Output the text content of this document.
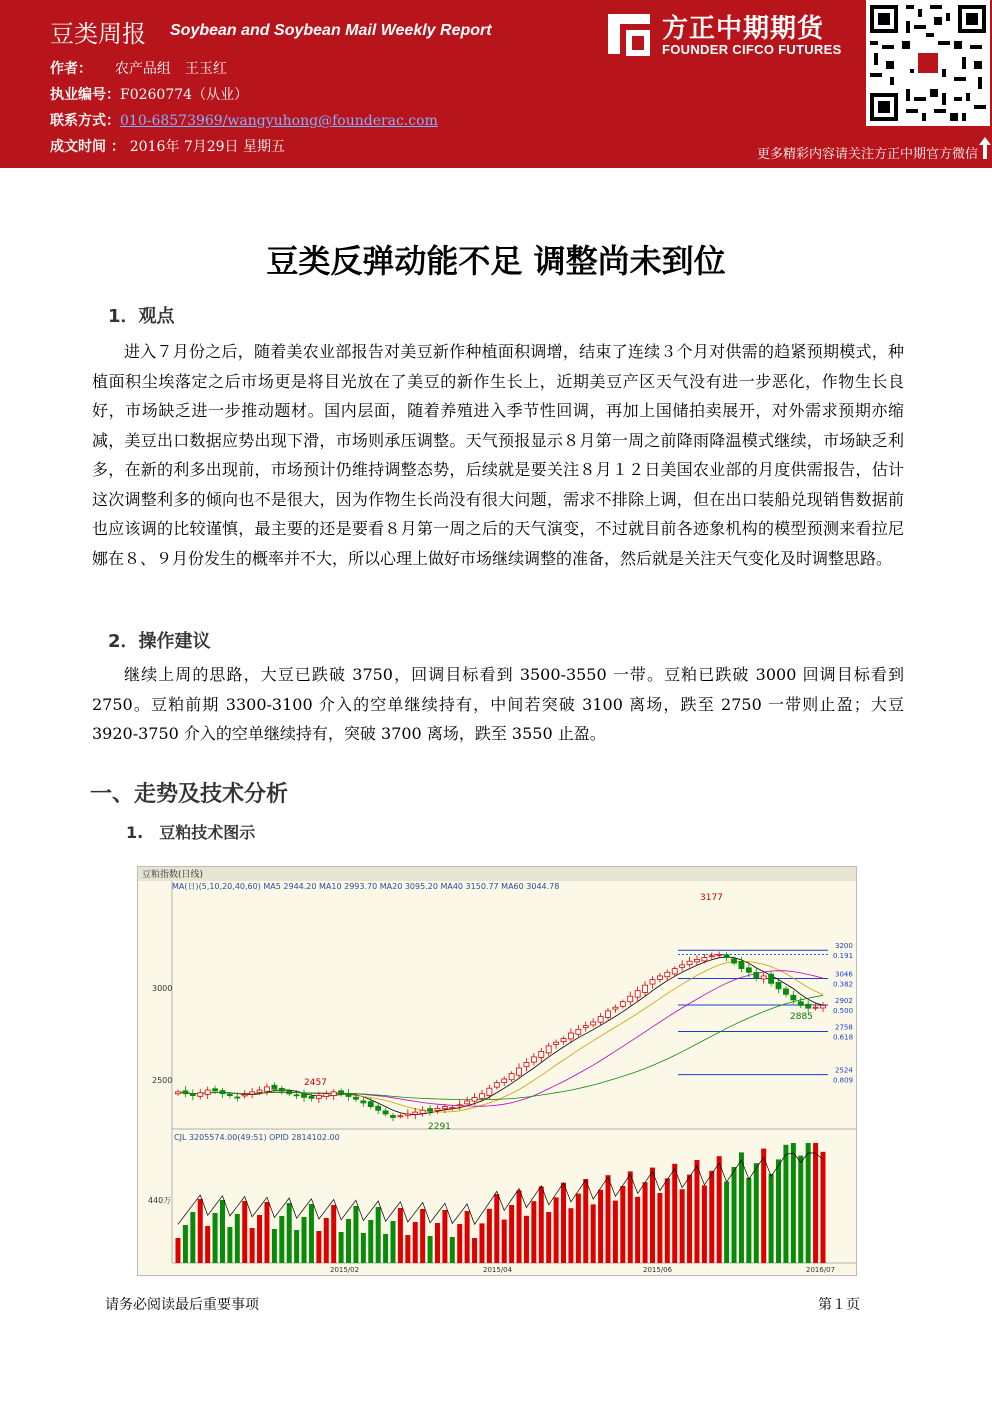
豆类周报 Soybean and Soybean Mail Weekly Report
作者： 农产品组　王玉红
执业编号：F0260774（从业）
联系方式：010-68573969/wangyuhong@founderac.com
成文时间 ： 2016年 7月29日 星期五
方正中期期货
FOUNDER CIFCO FUTURES
更多精彩内容请关注方正中期官方微信
豆类反弹动能不足 调整尚未到位
1．观点
进入７月份之后，随着美农业部报告对美豆新作种植面积调增，结束了连续３个月对供需的趋紧预期模式，种植面积尘埃落定之后市场更是将目光放在了美豆的新作生长上，近期美豆产区天气没有进一步恶化，作物生长良好，市场缺乏进一步推动题材。国内层面，随着养殖进入季节性回调，再加上国储拍卖展开，对外需求预期亦缩减，美豆出口数据应势出现下滑，市场则承压调整。天气预报显示８月第一周之前降雨降温模式继续，市场缺乏利多，在新的利多出现前，市场预计仍维持调整态势，后续就是要关注８月１２日美国农业部的月度供需报告，估计这次调整利多的倾向也不是很大，因为作物生长尚没有很大问题，需求不排除上调，但在出口装船兑现销售数据前也应该调的比较谨慎，最主要的还是要看８月第一周之后的天气演变，不过就目前各迹象机构的模型预测来看拉尼娜在８、９月份发生的概率并不大，所以心理上做好市场继续调整的准备，然后就是关注天气变化及时调整思路。
2．操作建议
继续上周的思路，大豆已跌破 3750，回调目标看到 3500-3550 一带。豆粕已跌破 3000 回调目标看到 2750。豆粕前期 3300-3100 介入的空单继续持有，中间若突破 3100 离场，跌至 2750 一带则止盈；大豆 3920-3750 介入的空单继续持有，突破 3700 离场，跌至 3550 止盈。
一、走势及技术分析
1.　豆粕技术图示
豆粕指数(日线)
MA(日)(5,10,20,40,60) MA5 2944.20 MA10 2993.70 MA20 3095.20 MA40 3150.77 MA60 3044.78
3000
2500
440万
CJL 3205574.00(49:51) OPID 2814102.00
2015/02	2015/04	2015/06	2016/07
2457
2291
3177
2885
3200
0.191
3046
0.382
2902
0.500
2758
0.618
2524
0.809
请务必阅读最后重要事项	第１页
